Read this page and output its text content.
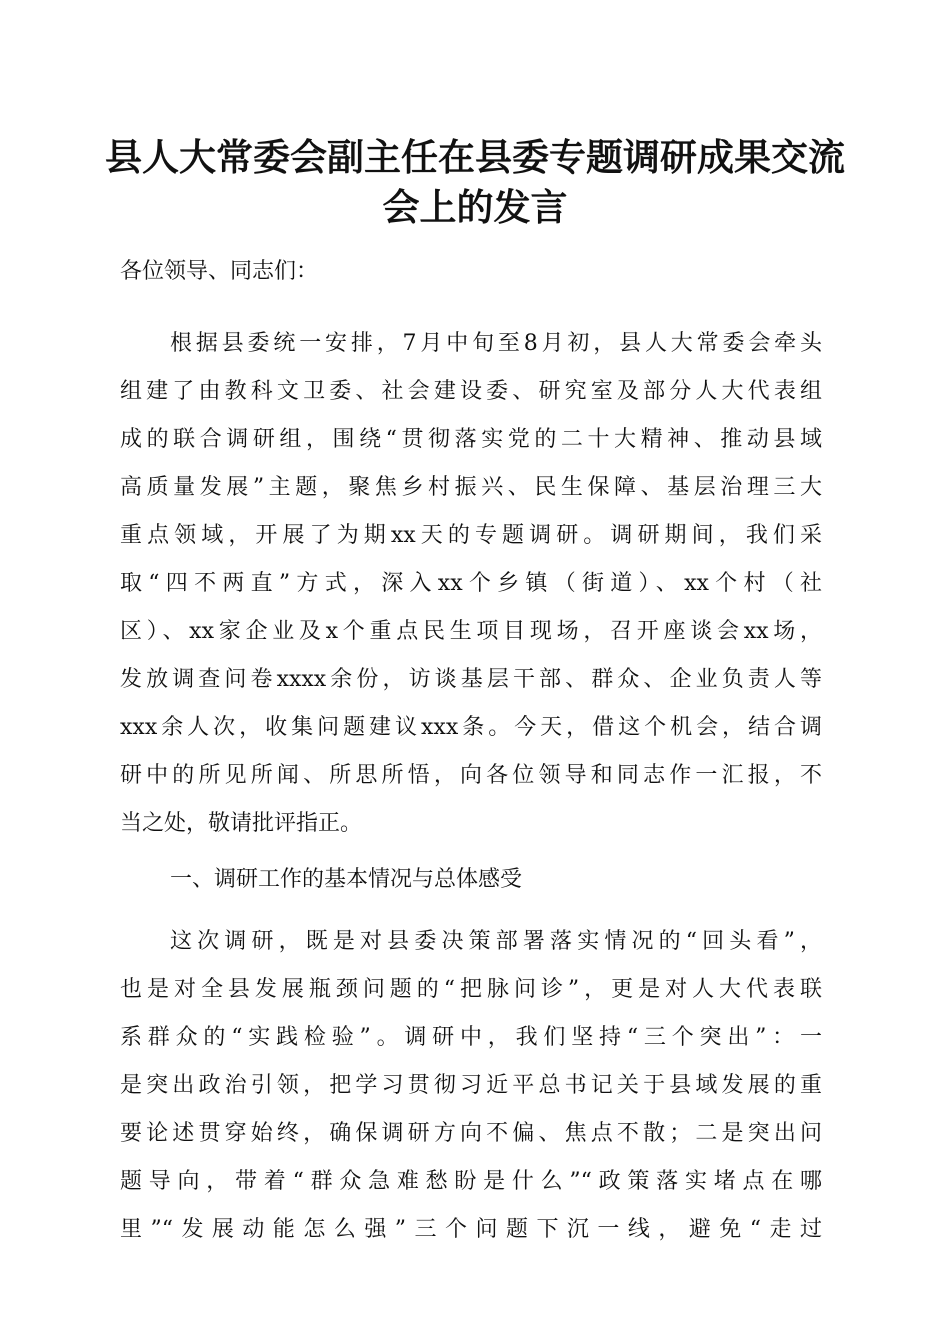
县人大常委会副主任在县委专题调研成果交流
会上的发言
各位领导、同志们：
根据县委统一安排，7月中旬至8月初，县人大常委会牵头
组建了由教科文卫委、社会建设委、研究室及部分人大代表组
成的联合调研组，围绕“贯彻落实党的二十大精神、推动县域
高质量发展”主题，聚焦乡村振兴、民生保障、基层治理三大
重点领域，开展了为期xx天的专题调研。调研期间，我们采
取“四不两直”方式，深入xx个乡镇（街道）、xx个村（社
区）、xx家企业及x个重点民生项目现场，召开座谈会xx场，
发放调查问卷xxxx余份，访谈基层干部、群众、企业负责人等
xxx余人次，收集问题建议xxx条。今天，借这个机会，结合调
研中的所见所闻、所思所悟，向各位领导和同志作一汇报，不
当之处，敬请批评指正。
一、调研工作的基本情况与总体感受
这次调研，既是对县委决策部署落实情况的“回头看”，
也是对全县发展瓶颈问题的“把脉问诊”，更是对人大代表联
系群众的“实践检验”。调研中，我们坚持“三个突出”：一
是突出政治引领，把学习贯彻习近平总书记关于县域发展的重
要论述贯穿始终，确保调研方向不偏、焦点不散；二是突出问
题导向，带着“群众急难愁盼是什么”“政策落实堵点在哪
里”“发展动能怎么强”三个问题下沉一线，避免“走过
